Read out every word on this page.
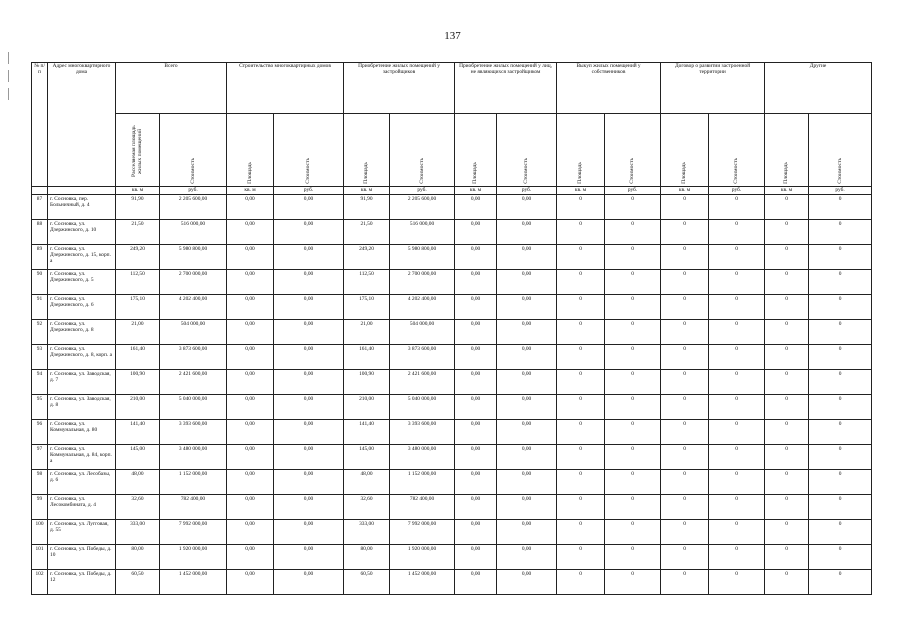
137
№ п/п	Адрес многоквартирного дома	Всего		Строительство многоквартирных домов		Приобретение жилых помещений у застройщиков		Приобретение жилых помещений у лиц, не являющихся застройщиком		Выкуп жилых помещений у собственников		Договор о развитии застроенной территории		Другие	
		Расселяемая площадь жилых помещений	Стоимость	Площадь	Стоимость	Площадь	Стоимость	Площадь	Стоимость	Площадь	Стоимость	Площадь	Стоимость	Площадь	Стоимость
		кв. м	руб.	кв. м	руб.	кв. м	руб.	кв. м	руб.	кв. м	руб.	кв. м	руб.	кв. м	руб.
87	г. Сосновка, пер. Больничный, д. 4	91,90	2 205 600,00	0,00	0,00	91,90	2 205 600,00	0,00	0,00	0	0	0	0	0	0
88	г. Сосновка, ул. Дзержинского, д. 10	21,50	516 000,00	0,00	0,00	21,50	516 000,00	0,00	0,00	0	0	0	0	0	0
89	г. Сосновка, ул. Дзержинского, д. 15, корп. а	249,20	5 980 800,00	0,00	0,00	249,20	5 980 800,00	0,00	0,00	0	0	0	0	0	0
90	г. Сосновка, ул. Дзержинского, д. 5	112,50	2 700 000,00	0,00	0,00	112,50	2 700 000,00	0,00	0,00	0	0	0	0	0	0
91	г. Сосновка, ул. Дзержинского, д. 6	175,10	4 202 400,00	0,00	0,00	175,10	4 202 400,00	0,00	0,00	0	0	0	0	0	0
92	г. Сосновка, ул. Дзержинского, д. 8	21,00	504 000,00	0,00	0,00	21,00	504 000,00	0,00	0,00	0	0	0	0	0	0
93	г. Сосновка, ул. Дзержинского, д. 8, корп. а	161,40	3 873 600,00	0,00	0,00	161,40	3 873 600,00	0,00	0,00	0	0	0	0	0	0
94	г. Сосновка, ул. Заводская, д. 7	100,90	2 421 600,00	0,00	0,00	100,90	2 421 600,00	0,00	0,00	0	0	0	0	0	0
95	г. Сосновка, ул. Заводская, д. 8	210,00	5 040 000,00	0,00	0,00	210,00	5 040 000,00	0,00	0,00	0	0	0	0	0	0
96	г. Сосновка, ул. Коммунальная, д. 80	141,40	3 393 600,00	0,00	0,00	141,40	3 393 600,00	0,00	0,00	0	0	0	0	0	0
97	г. Сосновка, ул. Коммунальная, д. 84, корп. а	145,00	3 480 000,00	0,00	0,00	145,00	3 480 000,00	0,00	0,00	0	0	0	0	0	0
98	г. Сосновка, ул. Лесобазы, д. 6	48,00	1 152 000,00	0,00	0,00	48,00	1 152 000,00	0,00	0,00	0	0	0	0	0	0
99	г. Сосновка, ул. Лесокомбината, д. 4	32,60	782 400,00	0,00	0,00	32,60	782 400,00	0,00	0,00	0	0	0	0	0	0
100	г. Сосновка, ул. Лугговая, д. 55	333,00	7 992 000,00	0,00	0,00	333,00	7 992 000,00	0,00	0,00	0	0	0	0	0	0
101	г. Сосновка, ул. Победы, д. 10	80,00	1 920 000,00	0,00	0,00	80,00	1 920 000,00	0,00	0,00	0	0	0	0	0	0
102	г. Сосновка, ул. Победы, д. 12	60,50	1 452 000,00	0,00	0,00	60,50	1 452 000,00	0,00	0,00	0	0	0	0	0	0
